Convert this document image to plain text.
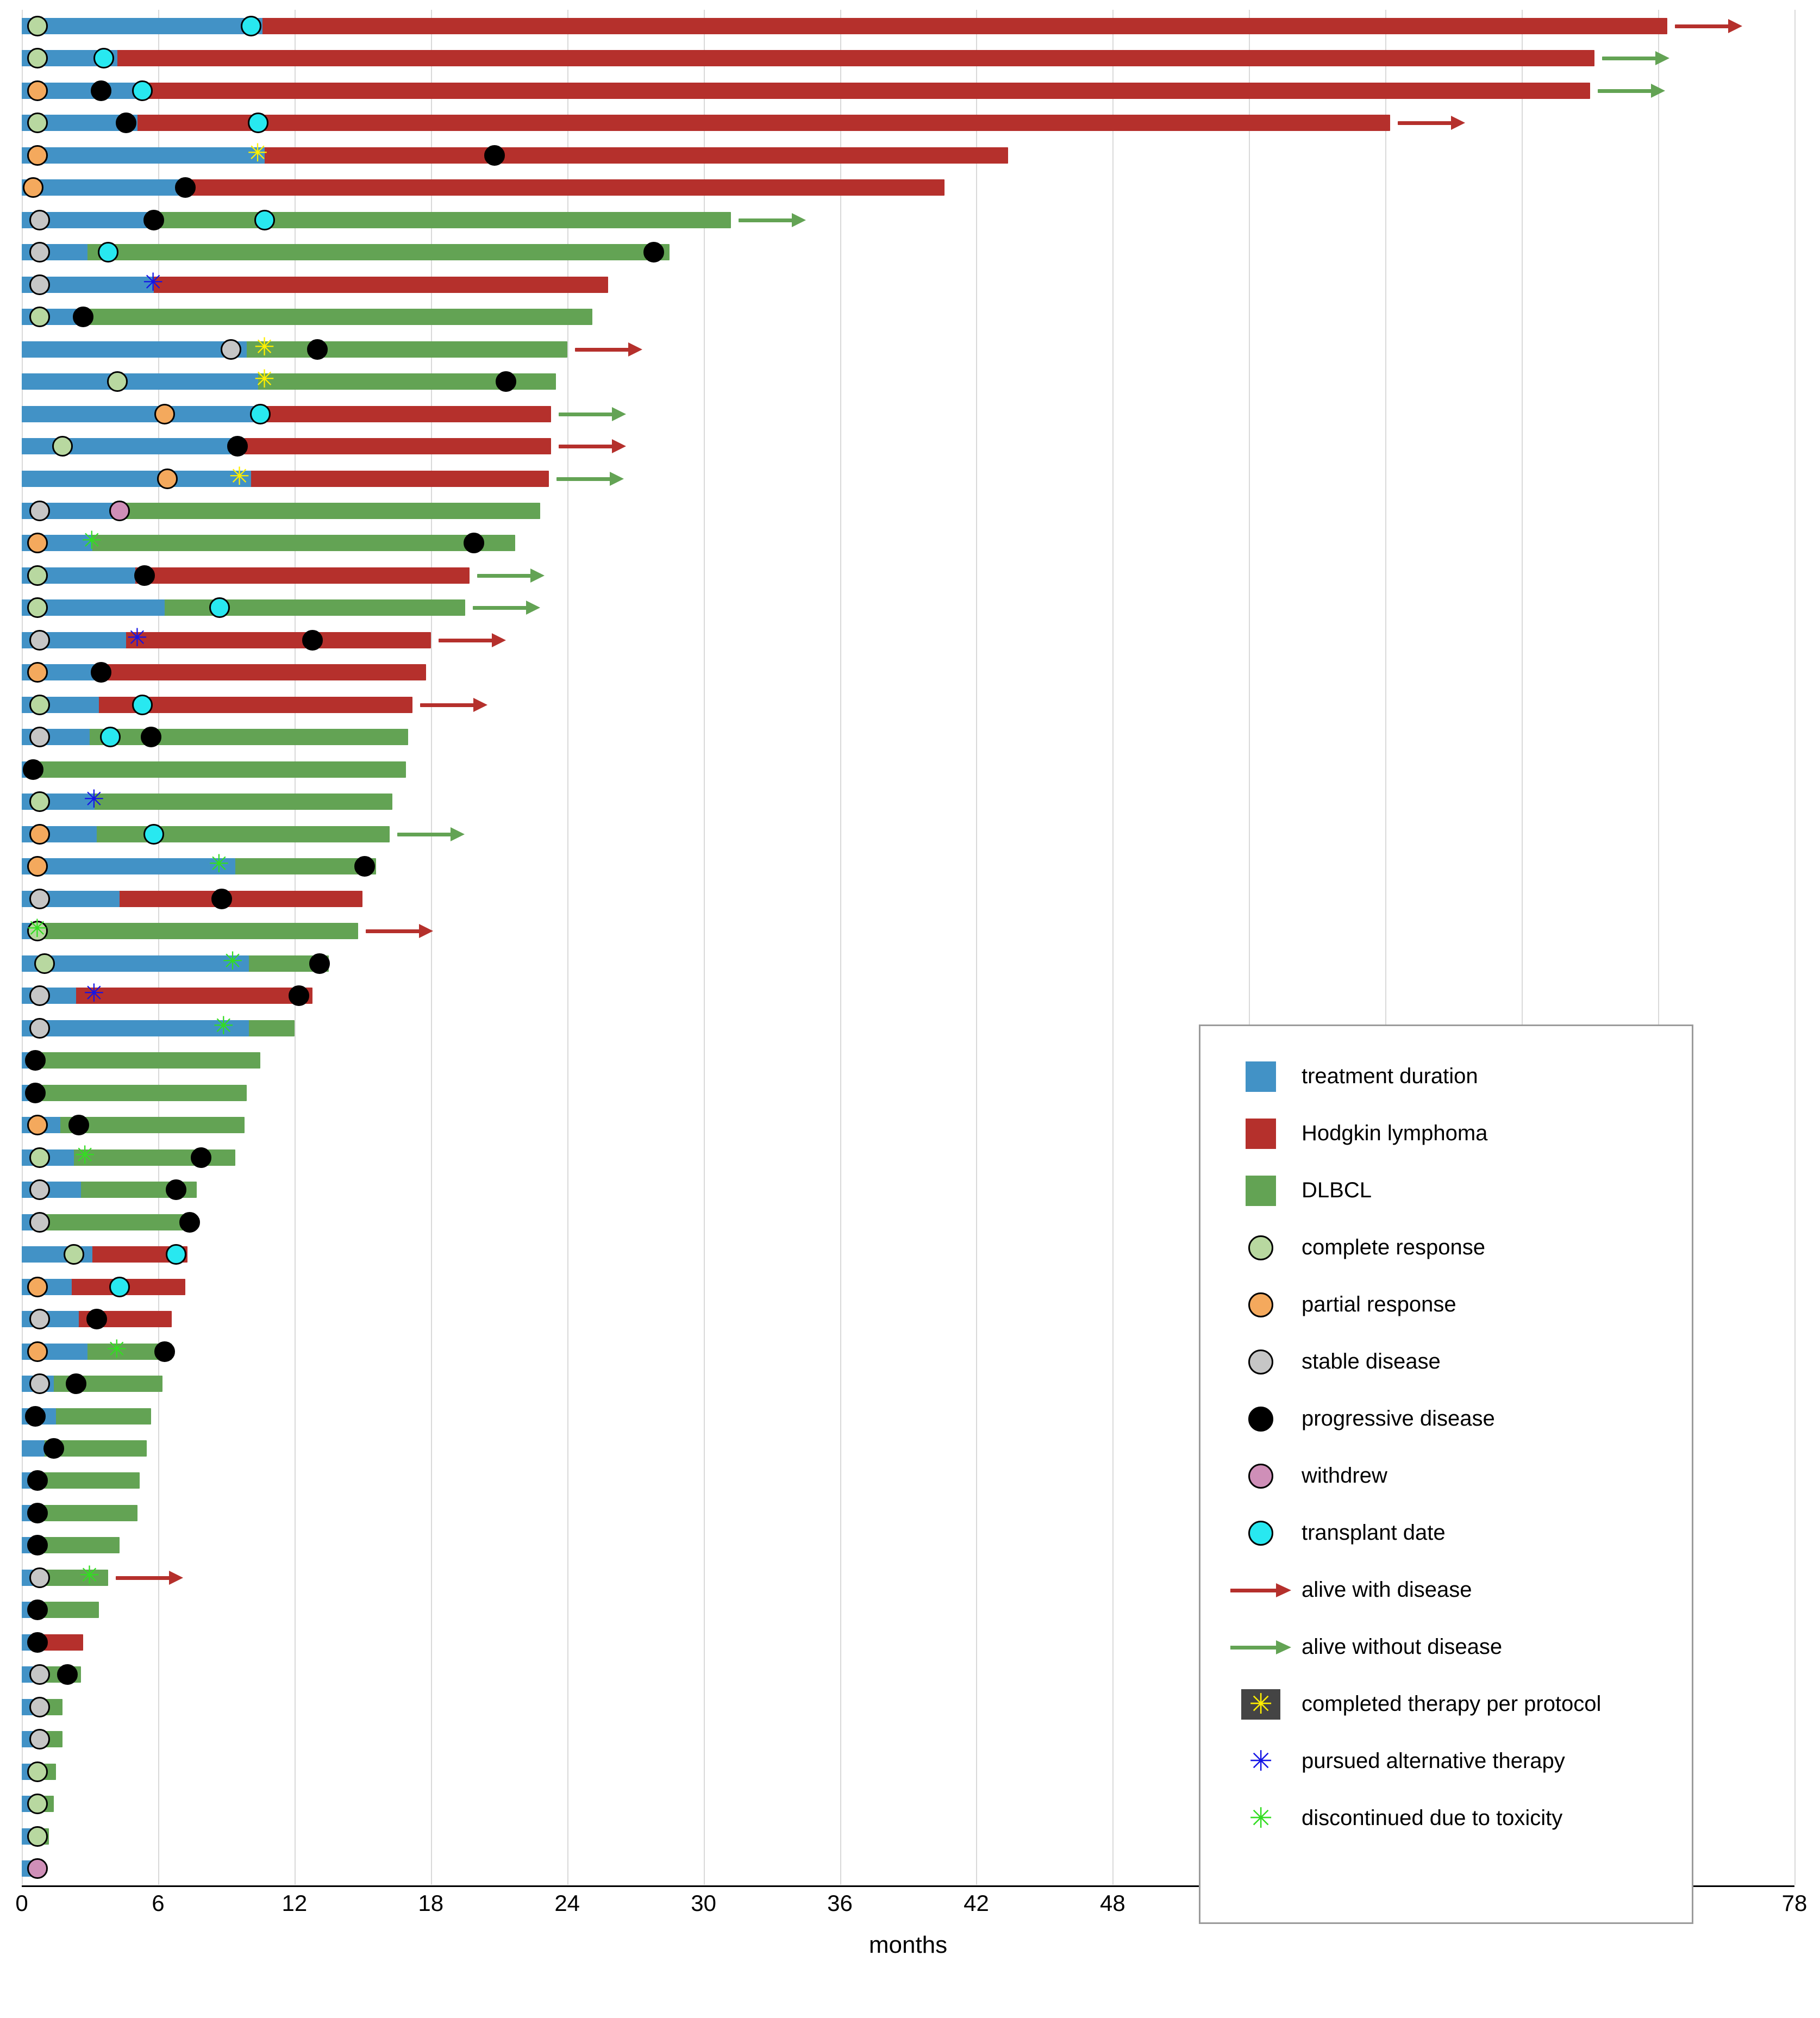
✳
✳
✳
✳
✳
✳
✳
✳
✳
✳
✳
✳
✳
✳
✳
✳
0	6	12	18	24	30	36	42	48	78
months
treatment duration
Hodgkin lymphoma
DLBCL
complete response
partial response
stable disease
progressive disease
withdrew
transplant date
alive with disease
alive without disease
✳	completed therapy per protocol
✳ pursued alternative therapy
✳ discontinued due to toxicity
